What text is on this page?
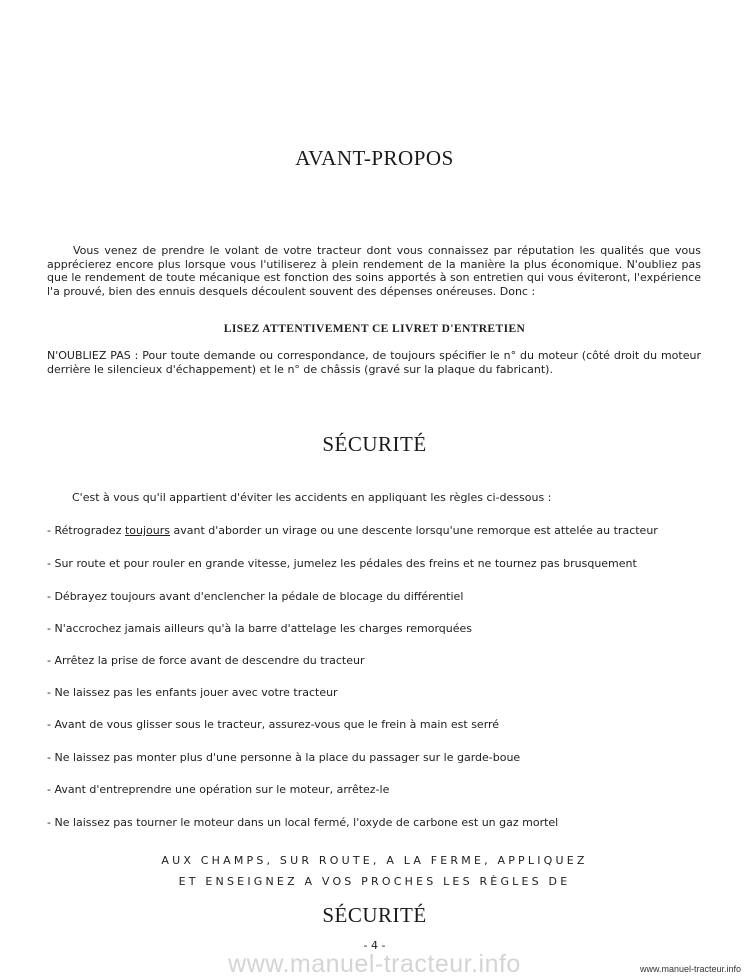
AVANT-PROPOS

Vous venez de prendre le volant de votre tracteur dont vous connaissez par réputation les qualités que vous apprécierez encore plus lorsque vous l'utiliserez à plein rendement de la manière la plus économique. N'oubliez pas que le rendement de toute mécanique est fonction des soins apportés à son entretien qui vous éviteront, l'expérience l'a prouvé, bien des ennuis desquels découlent souvent des dépenses onéreuses. Donc :

LISEZ ATTENTIVEMENT CE LIVRET D'ENTRETIEN

N'OUBLIEZ PAS : Pour toute demande ou correspondance, de toujours spécifier le n° du moteur (côté droit du moteur derrière le silencieux d'échappement) et le n° de châssis (gravé sur la plaque du fabricant).

SÉCURITÉ

C'est à vous qu'il appartient d'éviter les accidents en appliquant les règles ci-dessous :

- Rétrogradez toujours avant d'aborder un virage ou une descente lorsqu'une remorque est attelée au tracteur

- Sur route et pour rouler en grande vitesse, jumelez les pédales des freins et ne tournez pas brusquement

- Débrayez toujours avant d'enclencher la pédale de blocage du différentiel

- N'accrochez jamais ailleurs qu'à la barre d'attelage les charges remorquées

- Arrêtez la prise de force avant de descendre du tracteur

- Ne laissez pas les enfants jouer avec votre tracteur

- Avant de vous glisser sous le tracteur, assurez-vous que le frein à main est serré

- Ne laissez pas monter plus d'une personne à la place du passager sur le garde-boue

- Avant d'entreprendre une opération sur le moteur, arrêtez-le

- Ne laissez pas tourner le moteur dans un local fermé, l'oxyde de carbone est un gaz mortel

AUX CHAMPS, SUR ROUTE, A LA FERME, APPLIQUEZ
ET ENSEIGNEZ A VOS PROCHES LES RÈGLES DE
SÉCURITÉ
- 4 -
www.manuel-tracteur.info	www.manuel-tracteur.info
